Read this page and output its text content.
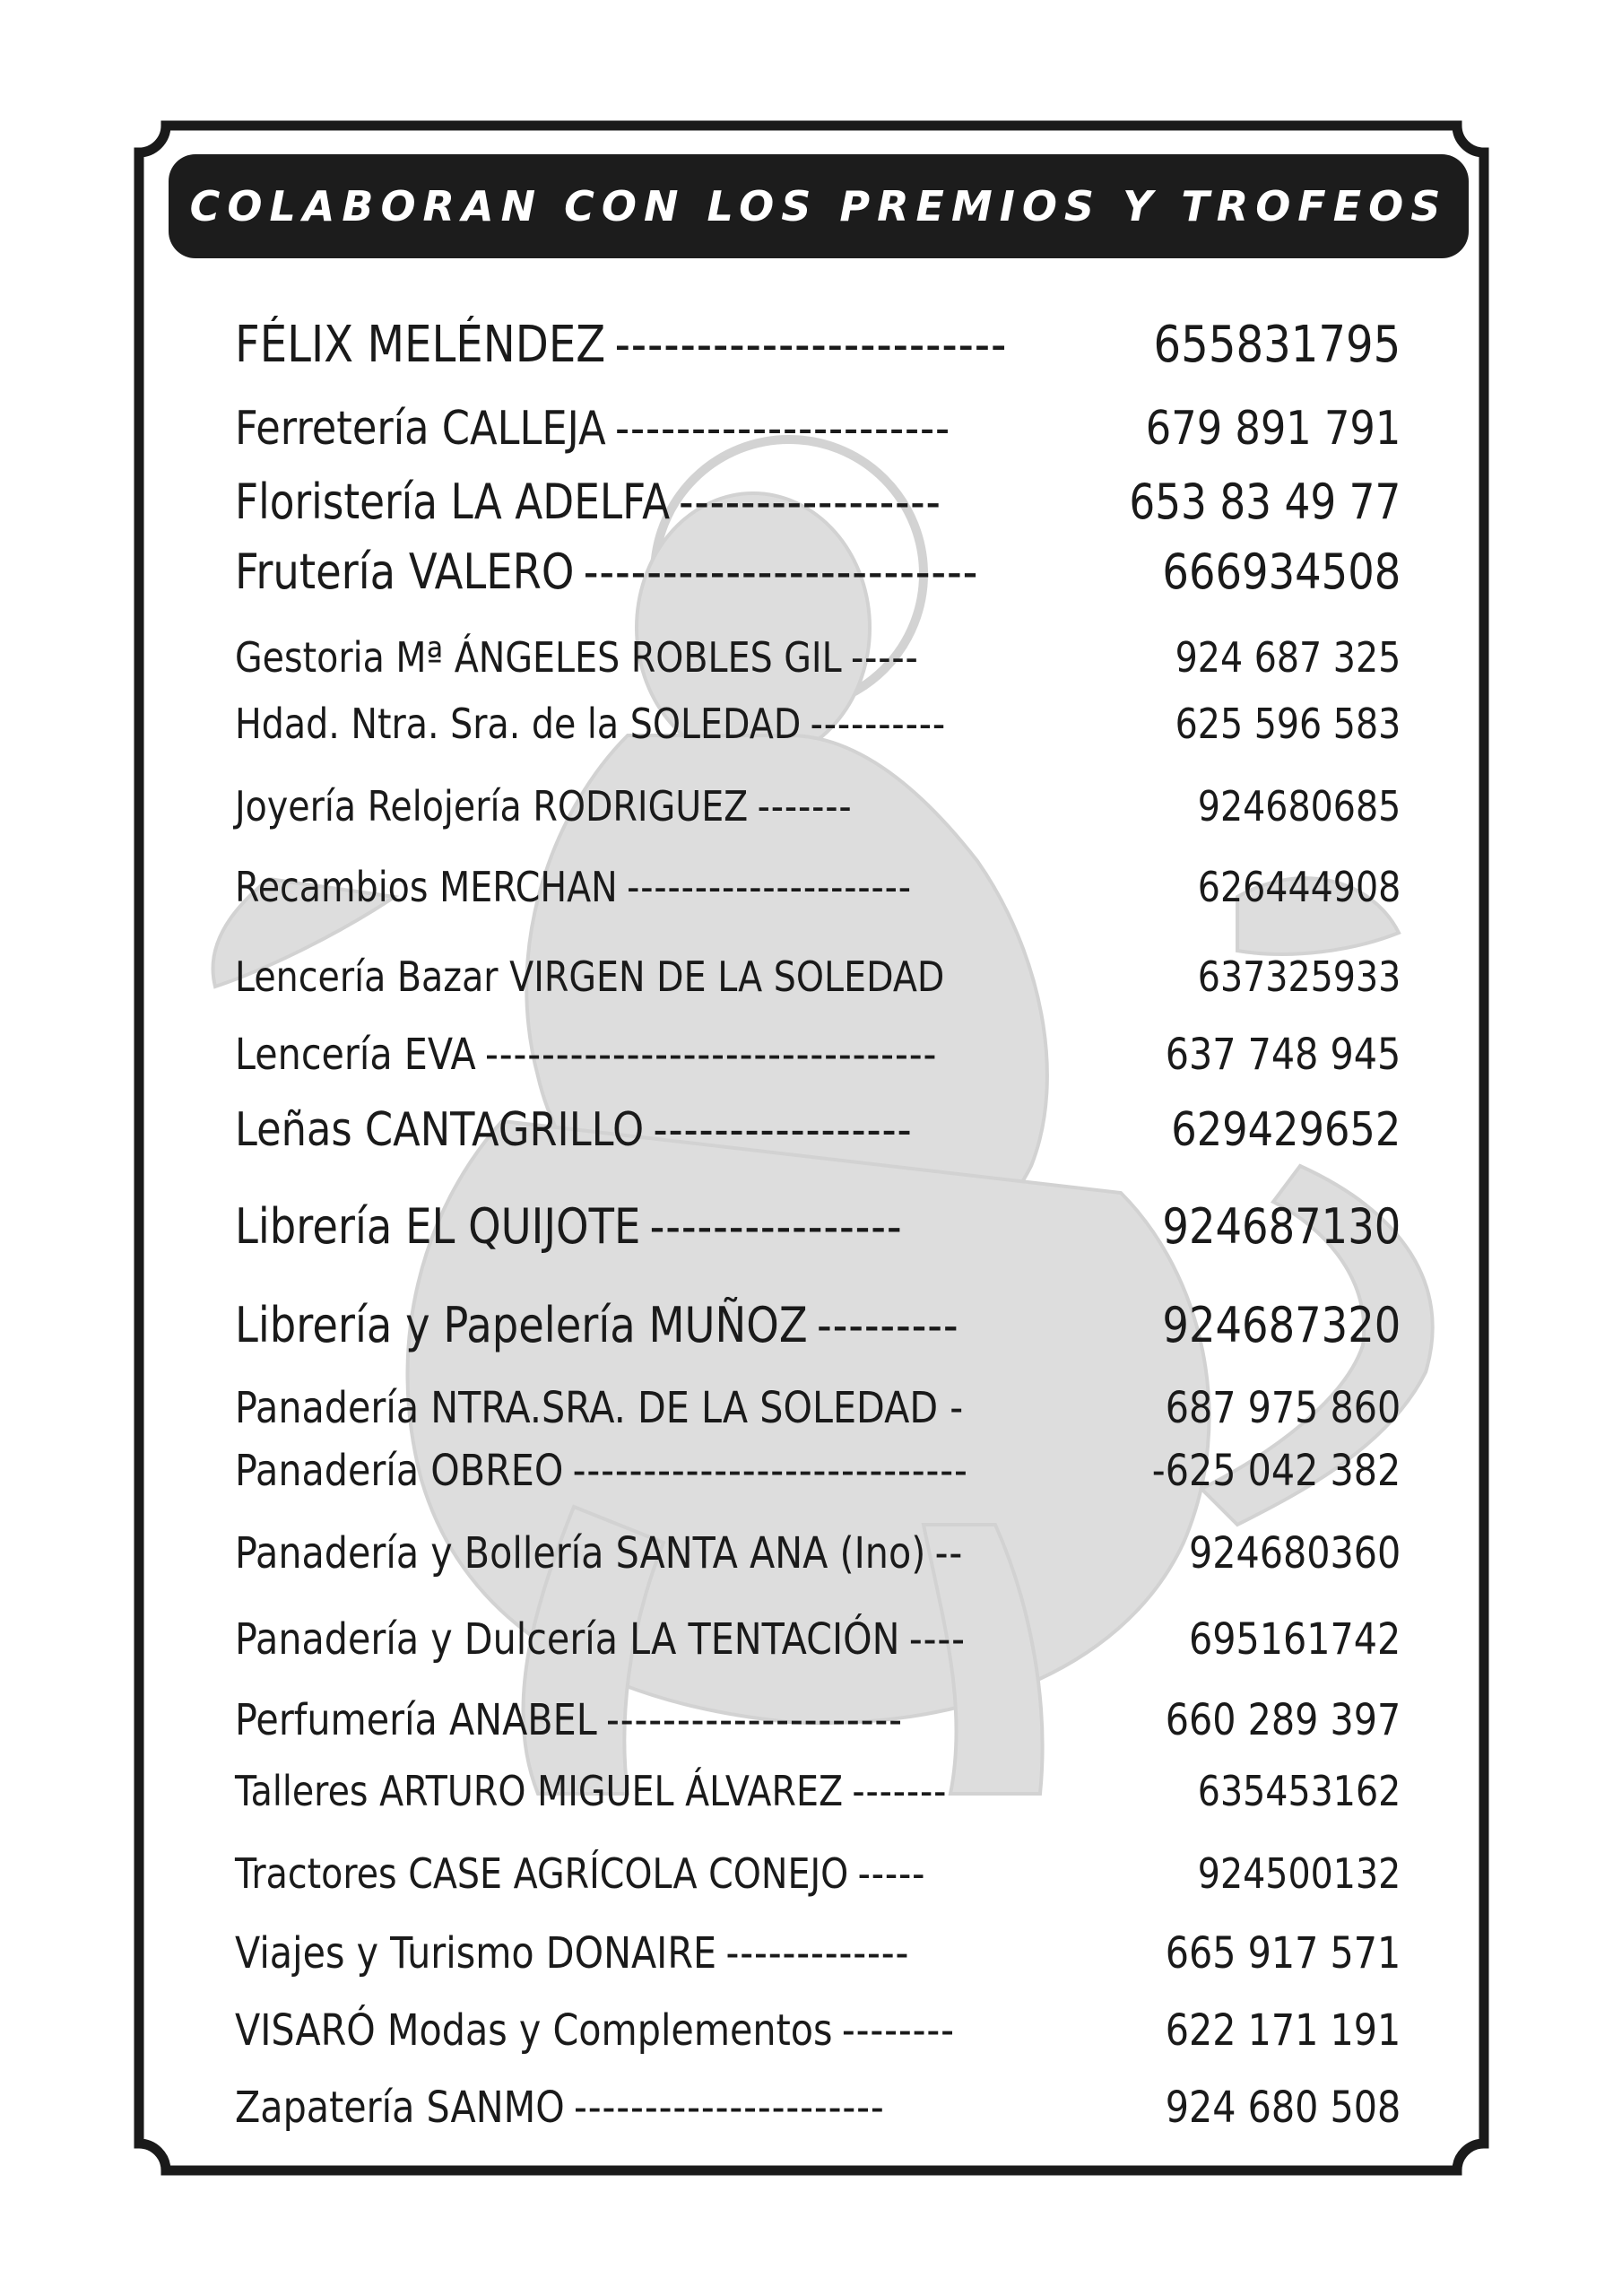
COLABORAN CON LOS PREMIOS Y TROFEOS
FÉLIX MELÉNDEZ ------------------------	655831795
Ferretería CALLEJA ----------------------	679 891 791
Floristería LA ADELFA -----------------	653 83 49 77
Frutería VALERO -------------------------	666934508
Gestoria Mª ÁNGELES ROBLES GIL -----	924 687 325
Hdad. Ntra. Sra. de la SOLEDAD ----------	625 596 583
Joyería Relojería RODRIGUEZ -------	924680685
Recambios MERCHAN ---------------------	626444908
Lencería Bazar VIRGEN DE LA SOLEDAD	637325933
Lencería EVA --------------------------------	637 748 945
Leñas CANTAGRILLO -----------------	629429652
Librería EL QUIJOTE ----------------	924687130
Librería y Papelería MUÑOZ ---------	924687320
Panadería NTRA.SRA. DE LA SOLEDAD -	687 975 860
Panadería OBREO ----------------------------	-625 042 382
Panadería y Bollería SANTA ANA (Ino) --	924680360
Panadería y Dulcería LA TENTACIÓN ----	695161742
Perfumería ANABEL ---------------------	660 289 397
Talleres ARTURO MIGUEL ÁLVAREZ -------	635453162
Tractores CASE AGRÍCOLA CONEJO -----	924500132
Viajes y Turismo DONAIRE -------------	665 917 571
VISARÓ Modas y Complementos --------	622 171 191
Zapatería SANMO ----------------------	924 680 508
